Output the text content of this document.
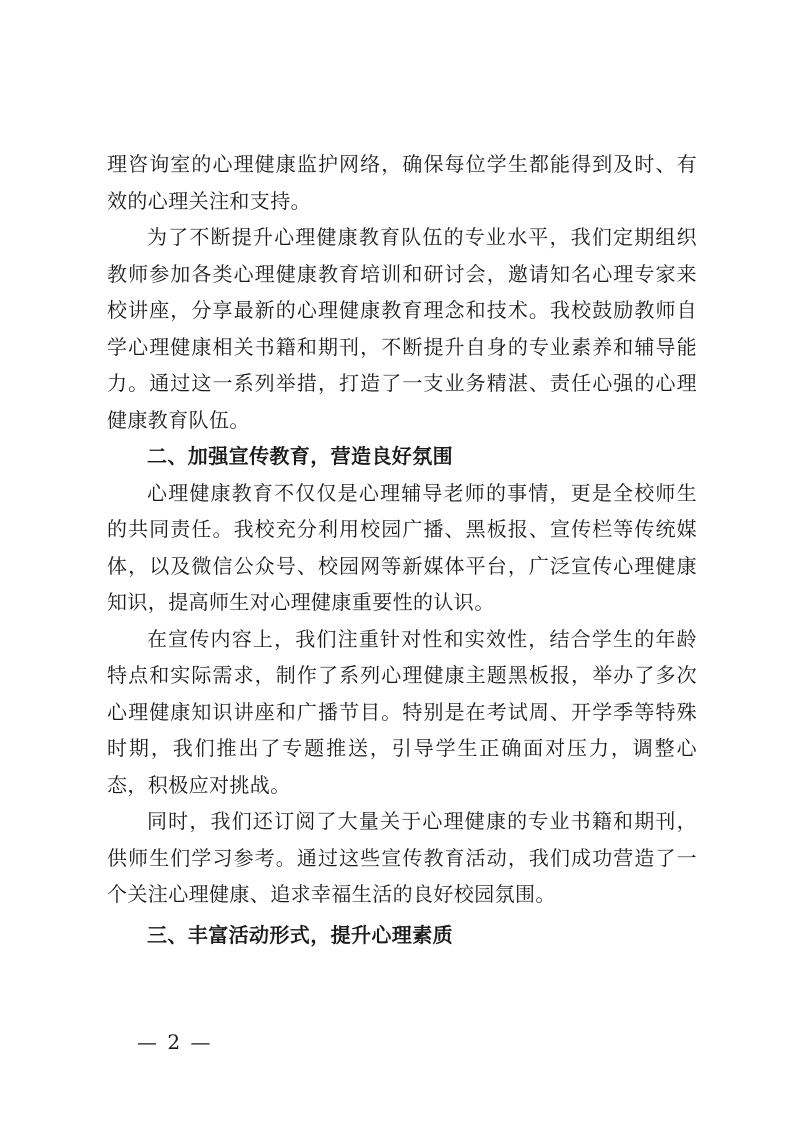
理咨询室的心理健康监护网络，确保每位学生都能得到及时、有效的心理关注和支持。

为了不断提升心理健康教育队伍的专业水平，我们定期组织教师参加各类心理健康教育培训和研讨会，邀请知名心理专家来校讲座，分享最新的心理健康教育理念和技术。我校鼓励教师自学心理健康相关书籍和期刊，不断提升自身的专业素养和辅导能力。通过这一系列举措，打造了一支业务精湛、责任心强的心理健康教育队伍。

二、加强宣传教育，营造良好氛围

心理健康教育不仅仅是心理辅导老师的事情，更是全校师生的共同责任。我校充分利用校园广播、黑板报、宣传栏等传统媒体，以及微信公众号、校园网等新媒体平台，广泛宣传心理健康知识，提高师生对心理健康重要性的认识。

在宣传内容上，我们注重针对性和实效性，结合学生的年龄特点和实际需求，制作了系列心理健康主题黑板报，举办了多次心理健康知识讲座和广播节目。特别是在考试周、开学季等特殊时期，我们推出了专题推送，引导学生正确面对压力，调整心态，积极应对挑战。

同时，我们还订阅了大量关于心理健康的专业书籍和期刊，供师生们学习参考。通过这些宣传教育活动，我们成功营造了一个关注心理健康、追求幸福生活的良好校园氛围。

三、丰富活动形式，提升心理素质

— 2 —
